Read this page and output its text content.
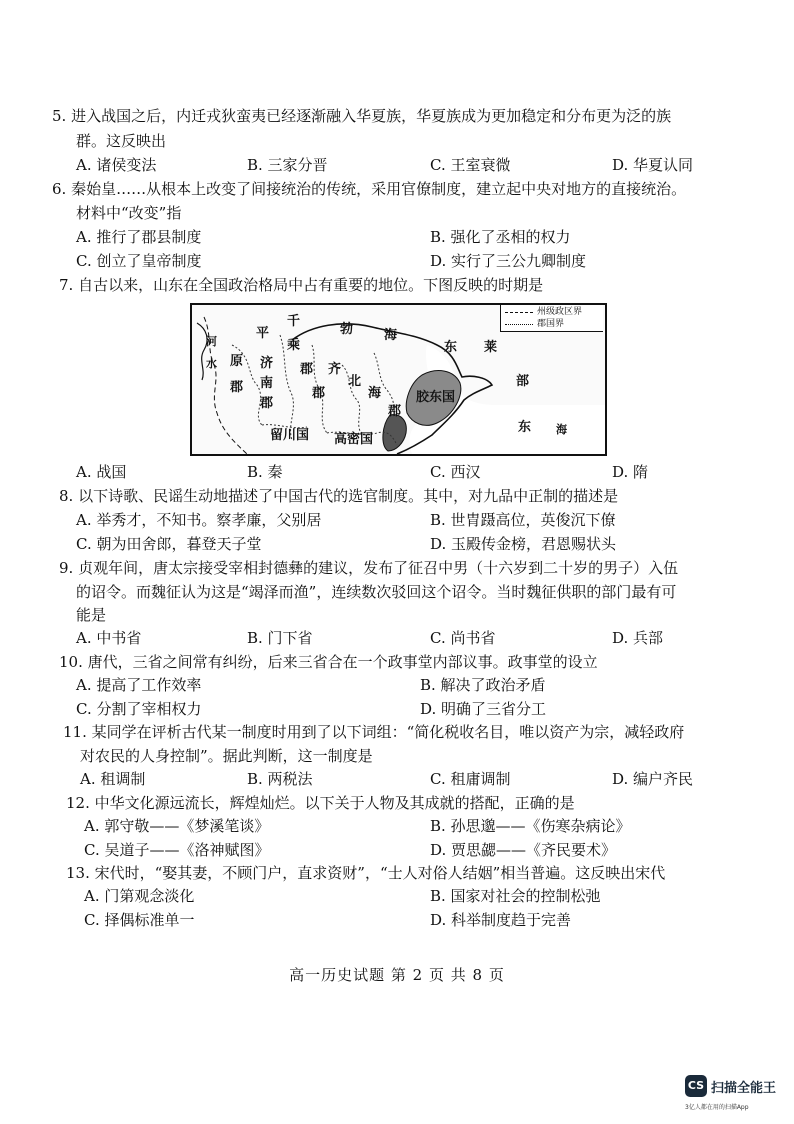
5. 进入战国之后，内迁戎狄蛮夷已经逐渐融入华夏族，华夏族成为更加稳定和分布更为泛的族
群。这反映出
A. 诸侯变法	B. 三家分晋	C. 王室衰微	D. 华夏认同
6. 秦始皇……从根本上改变了间接统治的传统，采用官僚制度，建立起中央对地方的直接统治。
材料中“改变”指
A. 推行了郡县制度	B. 强化了丞相的权力
C. 创立了皇帝制度	D. 实行了三公九卿制度
7. 自古以来，山东在全国政治格局中占有重要的地位。下图反映的时期是
州级政区界
郡国界
平
千
乘
郡
勃 海
东 莱
部
原
郡
济
南
郡
齐
郡
北
海
郡
胶东国
河
水
留川国 高密国
东 海
A. 战国	B. 秦	C. 西汉	D. 隋
8. 以下诗歌、民谣生动地描述了中国古代的选官制度。其中，对九品中正制的描述是
A. 举秀才，不知书。察孝廉，父别居	B. 世胄蹑高位，英俊沉下僚
C. 朝为田舍郎，暮登天子堂	D. 玉殿传金榜，君恩赐状头
9. 贞观年间，唐太宗接受宰相封德彝的建议，发布了征召中男（十六岁到二十岁的男子）入伍
的诏令。而魏征认为这是“竭泽而渔”，连续数次驳回这个诏令。当时魏征供职的部门最有可
能是
A. 中书省	B. 门下省	C. 尚书省	D. 兵部
10. 唐代，三省之间常有纠纷，后来三省合在一个政事堂内部议事。政事堂的设立
A. 提高了工作效率	B. 解决了政治矛盾
C. 分割了宰相权力	D. 明确了三省分工
11. 某同学在评析古代某一制度时用到了以下词组：“简化税收名目，唯以资产为宗，减轻政府
对农民的人身控制”。据此判断，这一制度是
A. 租调制	B. 两税法	C. 租庸调制	D. 编户齐民
12. 中华文化源远流长，辉煌灿烂。以下关于人物及其成就的搭配，正确的是
A. 郭守敬——《梦溪笔谈》	B. 孙思邈——《伤寒杂病论》
C. 吴道子——《洛神赋图》	D. 贾思勰——《齐民要术》
13. 宋代时，“娶其妻，不顾门户，直求资财”，“士人对俗人结姻”相当普遍。这反映出宋代
A. 门第观念淡化	B. 国家对社会的控制松弛
C. 择偶标准单一	D. 科举制度趋于完善
高一历史试题 第 2 页 共 8 页
CS 扫描全能王
3亿人都在用的扫描App
